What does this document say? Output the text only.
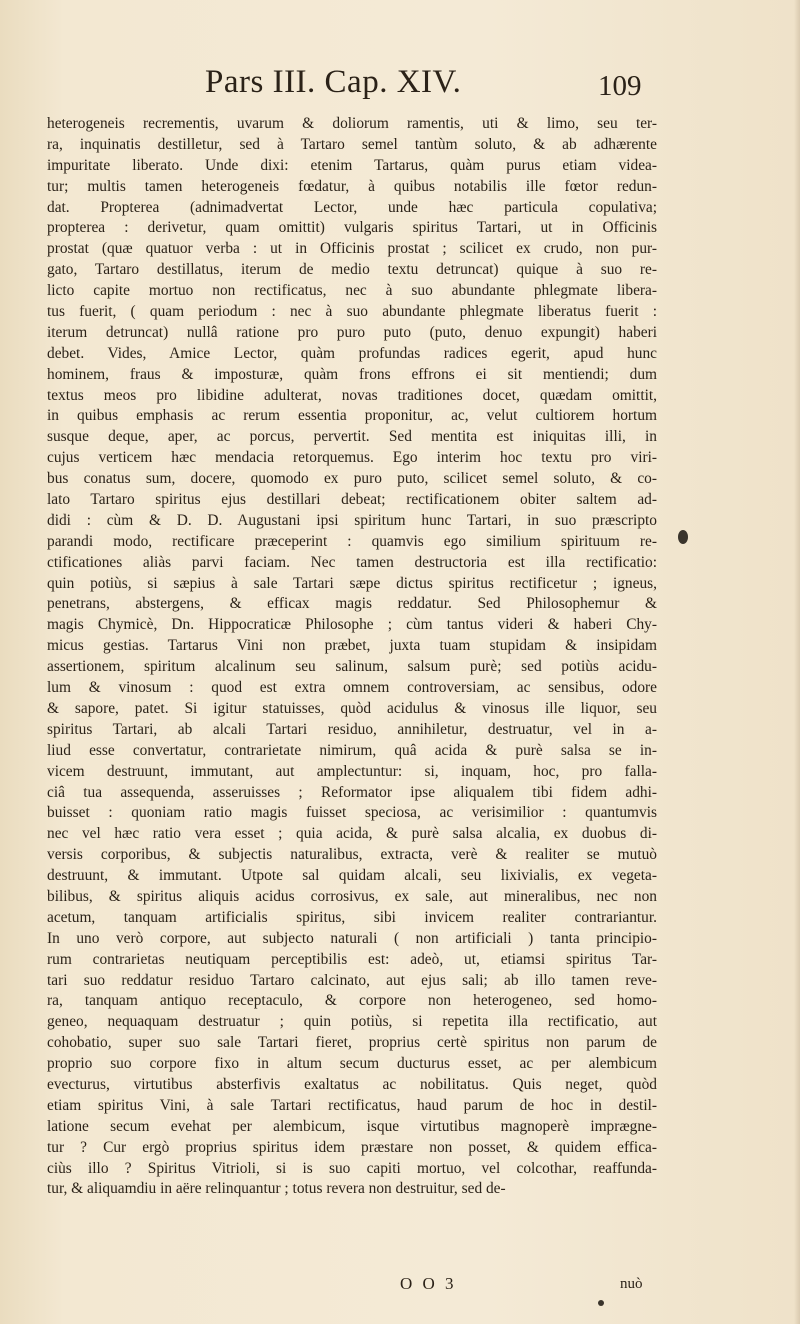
Pars III. Cap. XIV.	109
heterogeneis recrementis, uvarum & doliorum ramentis, uti & limo, seu ter-
ra, inquinatis destilletur, sed à Tartaro semel tantùm soluto, & ab adhærente
impuritate liberato. Unde dixi: etenim Tartarus, quàm purus etiam videa-
tur; multis tamen heterogeneis fœdatur, à quibus notabilis ille fœtor redun-
dat. Propterea (adnimadvertat Lector, unde hæc particula copulativa;
propterea : derivetur, quam omittit) vulgaris spiritus Tartari, ut in Officinis
prostat (quæ quatuor verba : ut in Officinis prostat ; scilicet ex crudo, non pur-
gato, Tartaro destillatus, iterum de medio textu detruncat) quique à suo re-
licto capite mortuo non rectificatus, nec à suo abundante phlegmate libera-
tus fuerit, ( quam periodum : nec à suo abundante phlegmate liberatus fuerit :
iterum detruncat) nullâ ratione pro puro puto (puto, denuo expungit) haberi
debet. Vides, Amice Lector, quàm profundas radices egerit, apud hunc
hominem, fraus & imposturæ, quàm frons effrons ei sit mentiendi; dum
textus meos pro libidine adulterat, novas traditiones docet, quædam omittit,
in quibus emphasis ac rerum essentia proponitur, ac, velut cultiorem hortum
susque deque, aper, ac porcus, pervertit. Sed mentita est iniquitas illi, in
cujus verticem hæc mendacia retorquemus. Ego interim hoc textu pro viri-
bus conatus sum, docere, quomodo ex puro puto, scilicet semel soluto, & co-
lato Tartaro spiritus ejus destillari debeat; rectificationem obiter saltem ad-
didi : cùm & D. D. Augustani ipsi spiritum hunc Tartari, in suo præscripto
parandi modo, rectificare præceperint : quamvis ego similium spirituum re-
ctificationes aliàs parvi faciam. Nec tamen destructoria est illa rectificatio:
quin potiùs, si sæpius à sale Tartari sæpe dictus spiritus rectificetur ; igneus,
penetrans, abstergens, & efficax magis reddatur. Sed Philosophemur &
magis Chymicè, Dn. Hippocraticæ Philosophe ; cùm tantus videri & haberi Chy-
micus gestias. Tartarus Vini non præbet, juxta tuam stupidam & insipidam
assertionem, spiritum alcalinum seu salinum, salsum purè; sed potiùs acidu-
lum & vinosum : quod est extra omnem controversiam, ac sensibus, odore
& sapore, patet. Si igitur statuisses, quòd acidulus & vinosus ille liquor, seu
spiritus Tartari, ab alcali Tartari residuo, annihiletur, destruatur, vel in a-
liud esse convertatur, contrarietate nimirum, quâ acida & purè salsa se in-
vicem destruunt, immutant, aut amplectuntur: si, inquam, hoc, pro falla-
ciâ tua assequenda, asseruisses ; Reformator ipse aliqualem tibi fidem adhi-
buisset : quoniam ratio magis fuisset speciosa, ac verisimilior : quantumvis
nec vel hæc ratio vera esset ; quia acida, & purè salsa alcalia, ex duobus di-
versis corporibus, & subjectis naturalibus, extracta, verè & realiter se mutuò
destruunt, & immutant. Utpote sal quidam alcali, seu lixivialis, ex vegeta-
bilibus, & spiritus aliquis acidus corrosivus, ex sale, aut mineralibus, nec non
acetum, tanquam artificialis spiritus, sibi invicem realiter contrariantur.
In uno verò corpore, aut subjecto naturali ( non artificiali ) tanta principio-
rum contrarietas neutiquam perceptibilis est: adeò, ut, etiamsi spiritus Tar-
tari suo reddatur residuo Tartaro calcinato, aut ejus sali; ab illo tamen reve-
ra, tanquam antiquo receptaculo, & corpore non heterogeneo, sed homo-
geneo, nequaquam destruatur ; quin potiùs, si repetita illa rectificatio, aut
cohobatio, super suo sale Tartari fieret, proprius certè spiritus non parum de
proprio suo corpore fixo in altum secum ducturus esset, ac per alembicum
evecturus, virtutibus absterfivis exaltatus ac nobilitatus. Quis neget, quòd
etiam spiritus Vini, à sale Tartari rectificatus, haud parum de hoc in destil-
latione secum evehat per alembicum, isque virtutibus magnoperè imprægne-
tur ? Cur ergò proprius spiritus idem præstare non posset, & quidem effica-
ciùs illo ? Spiritus Vitrioli, si is suo capiti mortuo, vel colcothar, reaffunda-
tur, & aliquamdiu in aëre relinquantur ; totus revera non destruitur, sed de-
O O 3	nuò
